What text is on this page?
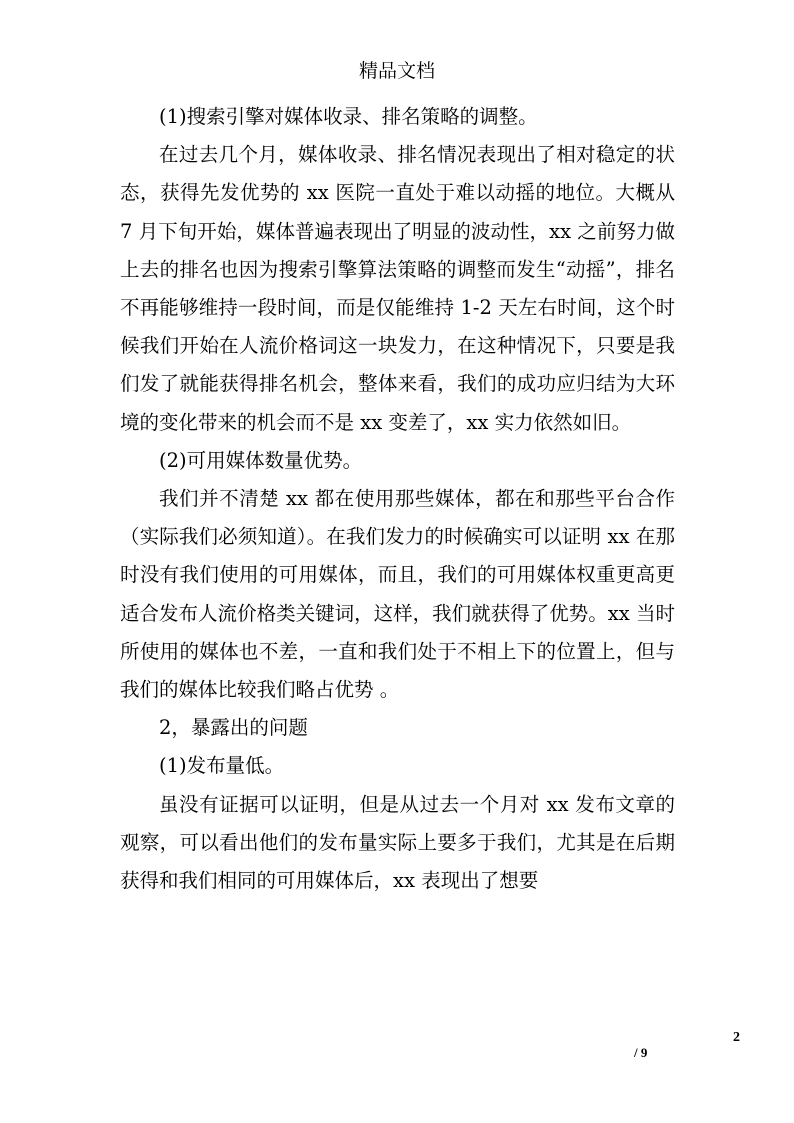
精品文档

(1)搜索引擎对媒体收录、排名策略的调整。

在过去几个月，媒体收录、排名情况表现出了相对稳定的状态，获得先发优势的 xx 医院一直处于难以动摇的地位。大概从 7 月下旬开始，媒体普遍表现出了明显的波动性，xx 之前努力做上去的排名也因为搜索引擎算法策略的调整而发生“动摇”，排名不再能够维持一段时间，而是仅能维持 1-2 天左右时间，这个时候我们开始在人流价格词这一块发力，在这种情况下，只要是我们发了就能获得排名机会，整体来看，我们的成功应归结为大环境的变化带来的机会而不是 xx 变差了，xx 实力依然如旧。

(2)可用媒体数量优势。

我们并不清楚 xx 都在使用那些媒体，都在和那些平台合作（实际我们必须知道）。在我们发力的时候确实可以证明 xx 在那时没有我们使用的可用媒体，而且，我们的可用媒体权重更高更适合发布人流价格类关键词，这样，我们就获得了优势。xx 当时所使用的媒体也不差，一直和我们处于不相上下的位置上，但与我们的媒体比较我们略占优势 。

2，暴露出的问题

(1)发布量低。

虽没有证据可以证明，但是从过去一个月对 xx 发布文章的观察，可以看出他们的发布量实际上要多于我们，尤其是在后期获得和我们相同的可用媒体后，xx 表现出了想要

2
/ 9
